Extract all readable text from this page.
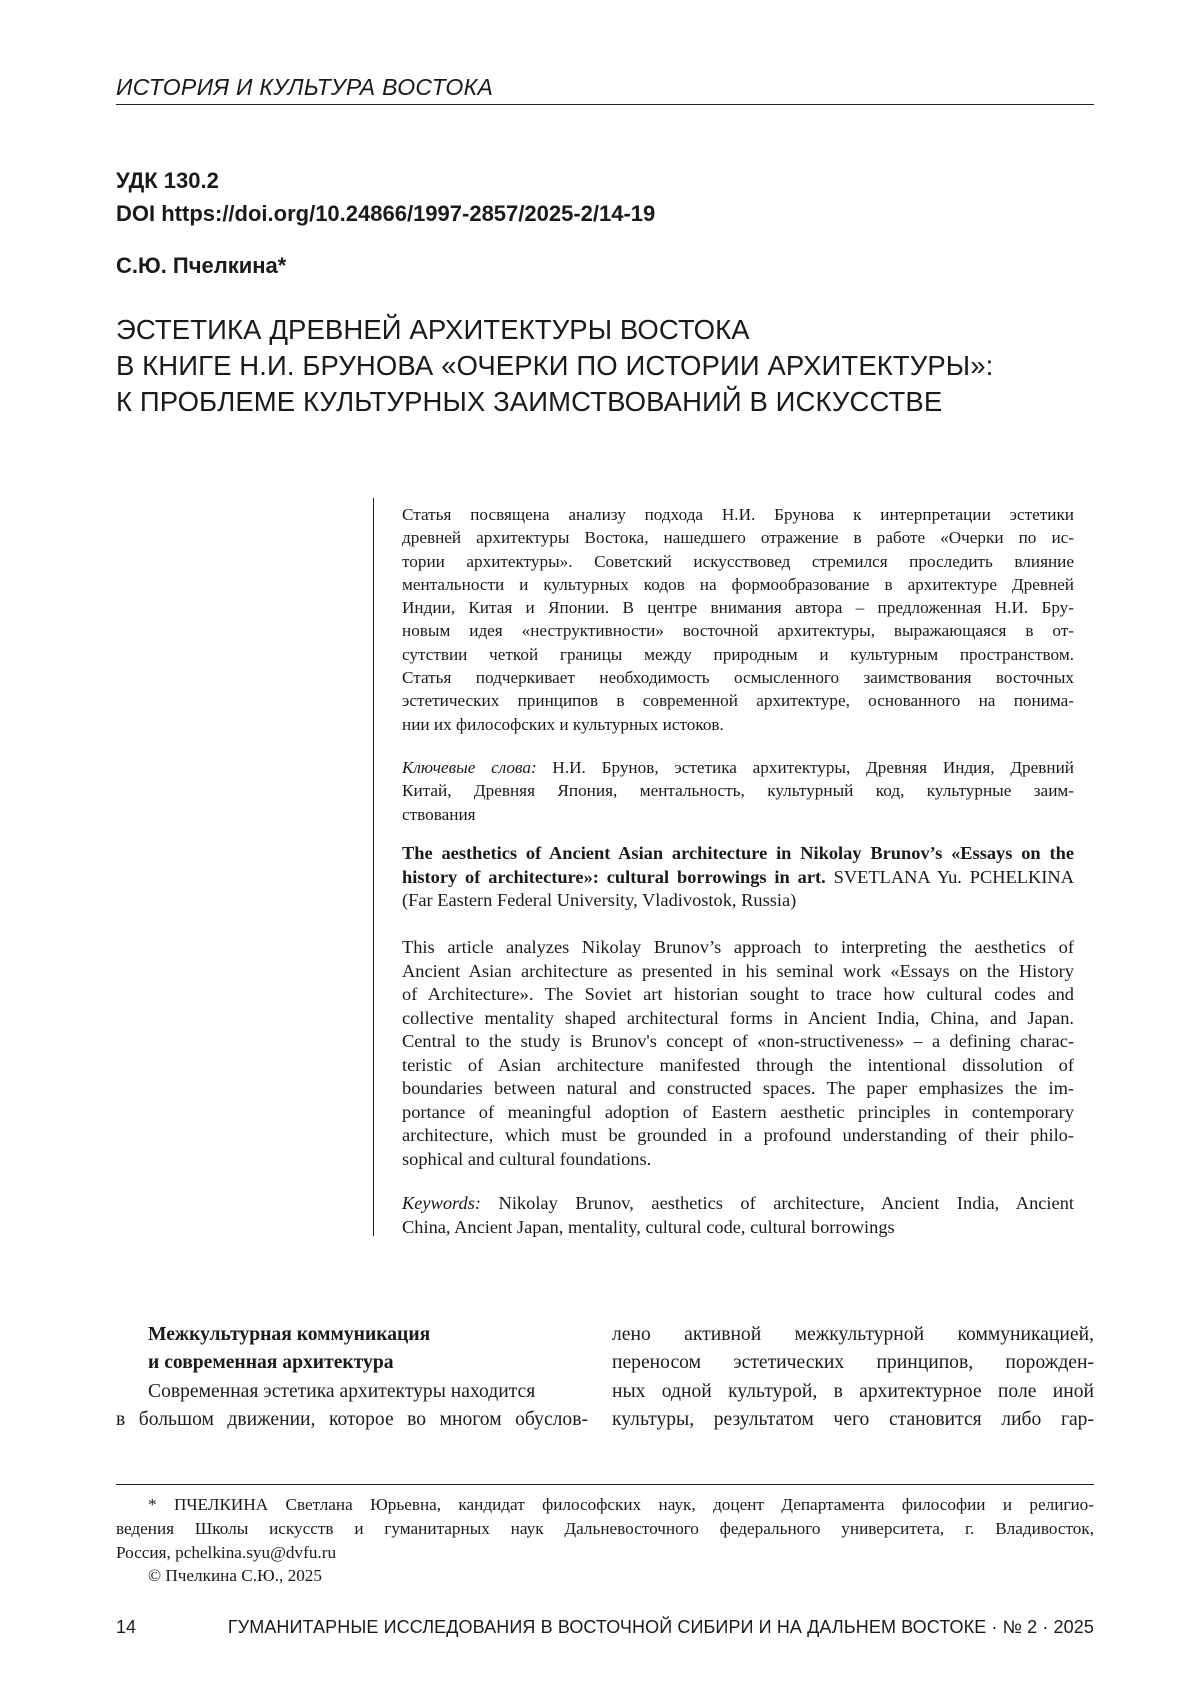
ИСТОРИЯ И КУЛЬТУРА ВОСТОКА
УДК 130.2
DOI https://doi.org/10.24866/1997-2857/2025-2/14-19
С.Ю. Пчелкина*
ЭСТЕТИКА ДРЕВНЕЙ АРХИТЕКТУРЫ ВОСТОКА
В КНИГЕ Н.И. БРУНОВА «ОЧЕРКИ ПО ИСТОРИИ АРХИТЕКТУРЫ»:
К ПРОБЛЕМЕ КУЛЬТУРНЫХ ЗАИМСТВОВАНИЙ В ИСКУССТВЕ
Статья посвящена анализу подхода Н.И. Брунова к интерпретации эстетики
древней архитектуры Востока, нашедшего отражение в работе «Очерки по ис-
тории архитектуры». Советский искусствовед стремился проследить влияние
ментальности и культурных кодов на формообразование в архитектуре Древней
Индии, Китая и Японии. В центре внимания автора – предложенная Н.И. Бру-
новым идея «неструктивности» восточной архитектуры, выражающаяся в от-
сутствии четкой границы между природным и культурным пространством.
Статья подчеркивает необходимость осмысленного заимствования восточных
эстетических принципов в современной архитектуре, основанного на понима-
нии их философских и культурных истоков.
Ключевые слова: Н.И. Брунов, эстетика архитектуры, Древняя Индия, Древний
Китай, Древняя Япония, ментальность, культурный код, культурные заим-
ствования
The aesthetics of Ancient Asian architecture in Nikolay Brunov’s «Essays on the
history of architecture»: cultural borrowings in art. SVETLANA Yu. PCHELKINA
(Far Eastern Federal University, Vladivostok, Russia)
This article analyzes Nikolay Brunov’s approach to interpreting the aesthetics of
Ancient Asian architecture as presented in his seminal work «Essays on the History
of Architecture». The Soviet art historian sought to trace how cultural codes and
collective mentality shaped architectural forms in Ancient India, China, and Japan.
Central to the study is Brunov's concept of «non-structiveness» – a defining charac-
teristic of Asian architecture manifested through the intentional dissolution of
boundaries between natural and constructed spaces. The paper emphasizes the im-
portance of meaningful adoption of Eastern aesthetic principles in contemporary
architecture, which must be grounded in a profound understanding of their philo-
sophical and cultural foundations.
Keywords: Nikolay Brunov, aesthetics of architecture, Ancient India, Ancient
China, Ancient Japan, mentality, cultural code, cultural borrowings
Межкультурная коммуникация
и современная архитектура
Современная эстетика архитектуры находится
в большом движении, которое во многом обуслов-
лено активной межкультурной коммуникацией,
переносом эстетических принципов, порожден-
ных одной культурой, в архитектурное поле иной
культуры, результатом чего становится либо гар-
* ПЧЕЛКИНА Светлана Юрьевна, кандидат философских наук, доцент Департамента философии и религио-
ведения Школы искусств и гуманитарных наук Дальневосточного федерального университета, г. Владивосток,
Россия, pchelkina.syu@dvfu.ru
© Пчелкина С.Ю., 2025
14	ГУМАНИТАРНЫЕ ИССЛЕДОВАНИЯ В ВОСТОЧНОЙ СИБИРИ И НА ДАЛЬНЕМ ВОСТОКЕ · № 2 · 2025
